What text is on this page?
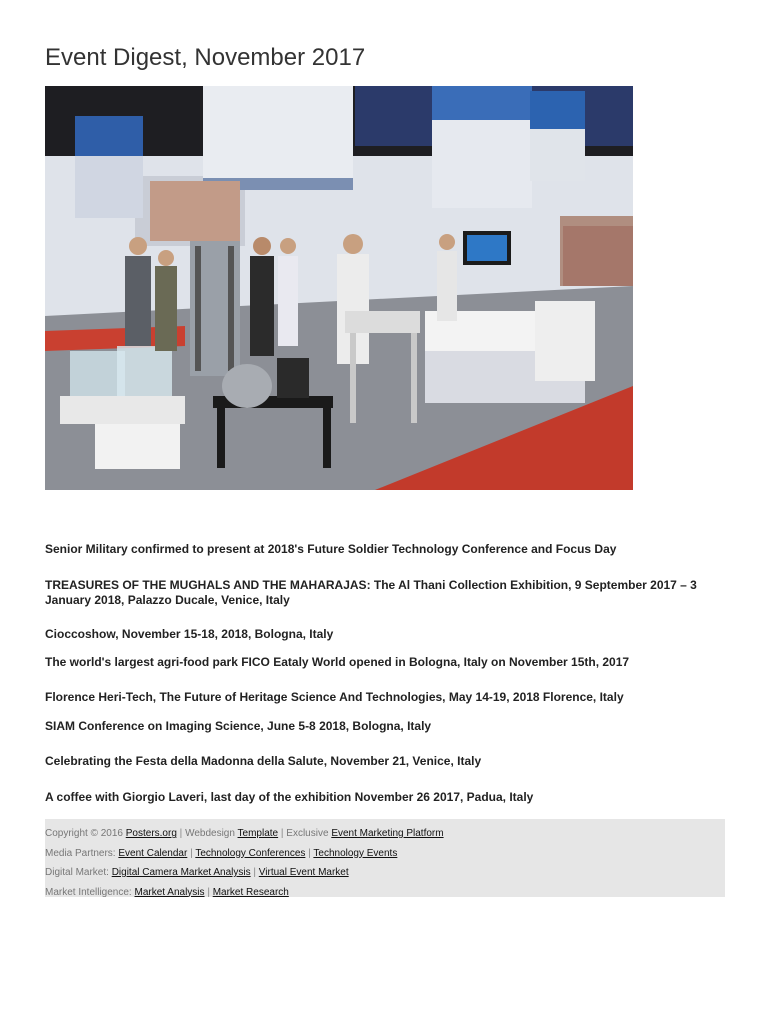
Event Digest, November 2017
Senior Military confirmed to present at 2018's Future Soldier Technology Conference and Focus Day
TREASURES OF THE MUGHALS AND THE MAHARAJAS: The Al Thani Collection Exhibition, 9 September 2017 – 3 January 2018, Palazzo Ducale, Venice, Italy
Cioccoshow, November 15-18, 2018, Bologna, Italy
The world's largest agri-food park FICO Eataly World opened in Bologna, Italy on November 15th, 2017
Florence Heri-Tech, The Future of Heritage Science And Technologies, May 14-19, 2018 Florence, Italy
SIAM Conference on Imaging Science, June 5-8 2018, Bologna, Italy
Celebrating the Festa della Madonna della Salute, November 21, Venice, Italy
A coffee with Giorgio Laveri, last day of the exhibition November 26 2017, Padua, Italy
Copyright © 2016 Posters.org | Webdesign Template | Exclusive Event Marketing Platform
Media Partners: Event Calendar | Technology Conferences | Technology Events
Digital Market: Digital Camera Market Analysis | Virtual Event Market
Market Intelligence: Market Analysis | Market Research
